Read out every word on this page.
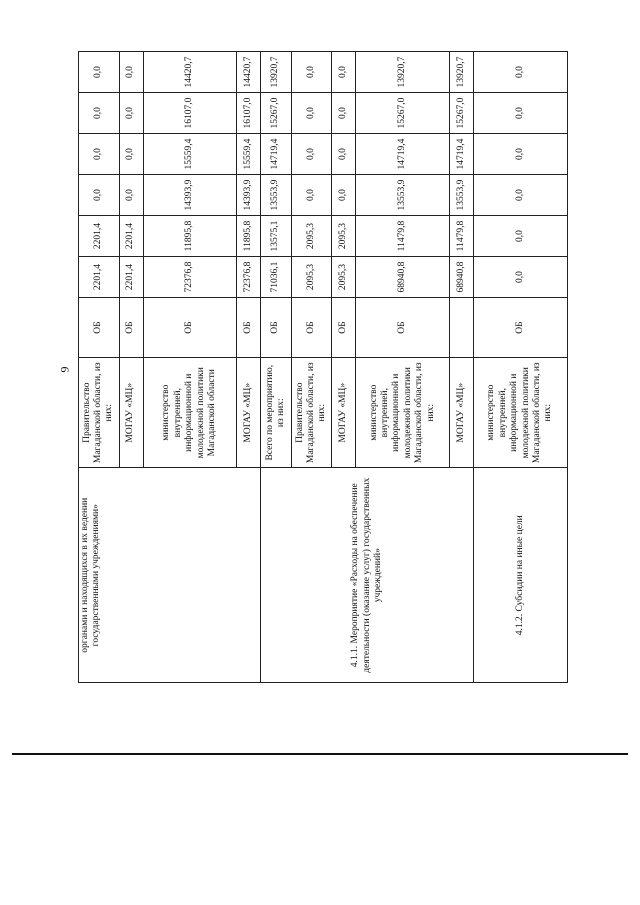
9
органами и находящихся в их ведении государственными учреждениями»	Правительство Магаданской области, из них:	ОБ	2201,4	2201,4	0,0	0,0	0,0	0,0
	МОГАУ «МЦ»	ОБ	2201,4	2201,4	0,0	0,0	0,0	0,0
	министерство внутренней, информационной и молодежной политики Магаданской области	ОБ	72376,8	11895,8	14393,9	15559,4	16107,0	14420,7
	МОГАУ «МЦ»	ОБ	72376,8	11895,8	14393,9	15559,4	16107,0	14420,7
4.1.1. Мероприятие «Расходы на обеспечение деятельности (оказание услуг) государственных учреждений»	Всего по мероприятию, из них:	ОБ	71036,1	13575,1	13553,9	14719,4	15267,0	13920,7
	Правительство Магаданской области, из них:	ОБ	2095,3	2095,3	0,0	0,0	0,0	0,0
	МОГАУ «МЦ»	ОБ	2095,3	2095,3	0,0	0,0	0,0	0,0
	министерство внутренней, информационной и молодежной политики Магаданской области, из них:	ОБ	68940,8	11479,8	13553,9	14719,4	15267,0	13920,7
	МОГАУ «МЦ»		68940,8	11479,8	13553,9	14719,4	15267,0	13920,7
4.1.2. Субсидии на иные цели	министерство внутренней, информационной и молодежной политики Магаданской области, из них:	ОБ	0,0	0,0	0,0	0,0	0,0	0,0
